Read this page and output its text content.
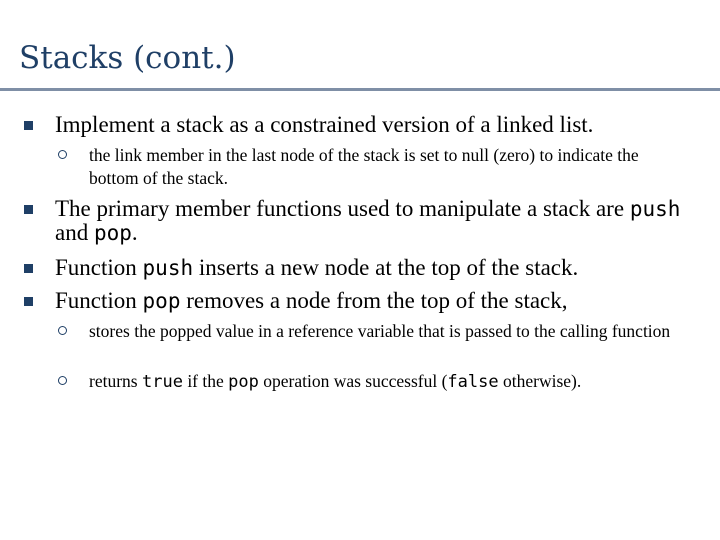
Stacks (cont.)
Implement a stack as a constrained version of a linked list.
the link member in the last node of the stack is set to null (zero) to indicate the bottom of the stack.
The primary member functions used to manipulate a stack are push and pop.
Function push inserts a new node at the top of the stack.
Function pop removes a node from the top of the stack,
stores the popped value in a reference variable that is passed to the calling function
returns true if the pop operation was successful (false otherwise).
